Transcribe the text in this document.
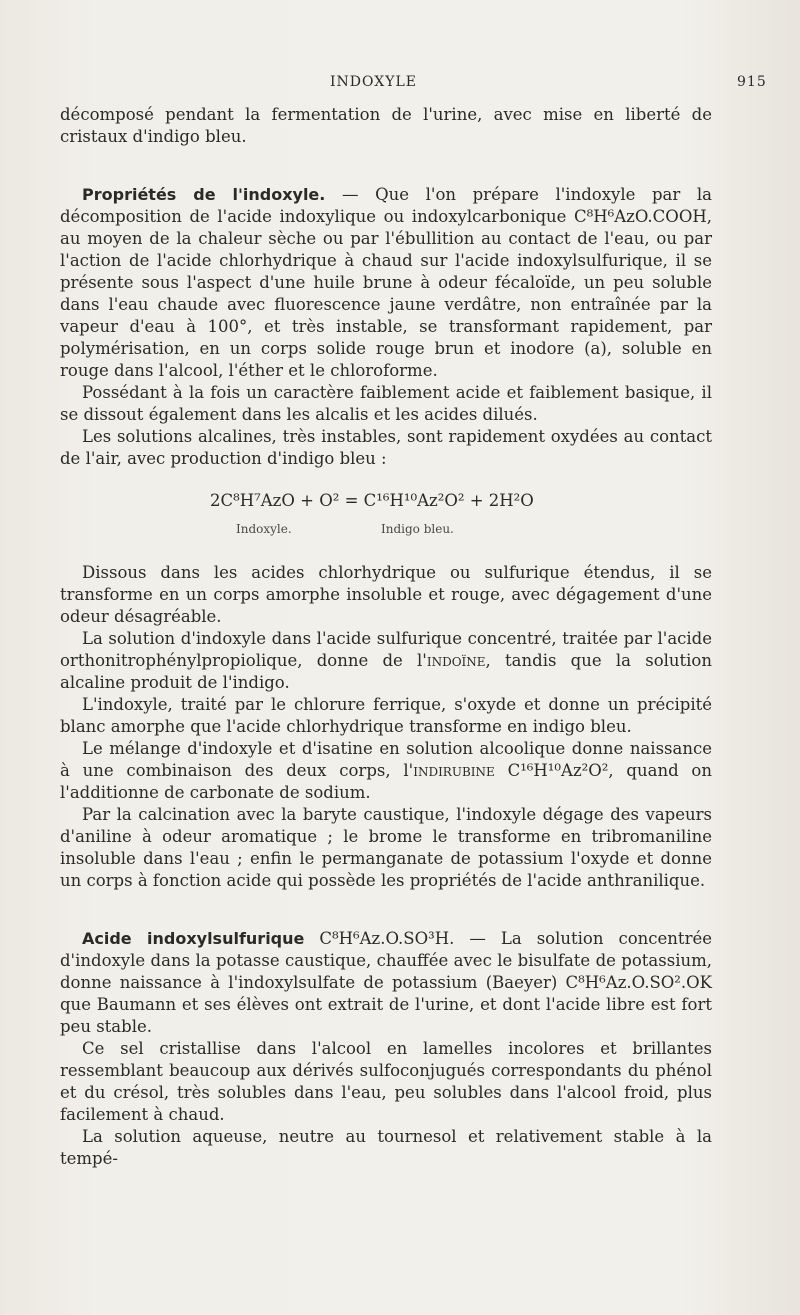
INDOXYLE	915

décomposé pendant la fermentation de l'urine, avec mise en liberté de cristaux d'indigo bleu.

Propriétés de l'indoxyle. — Que l'on prépare l'indoxyle par la décomposition de l'acide indoxylique ou indoxylcarbonique C⁸H⁶AzO.COOH, au moyen de la chaleur sèche ou par l'ébullition au contact de l'eau, ou par l'action de l'acide chlorhydrique à chaud sur l'acide indoxylsulfurique, il se présente sous l'aspect d'une huile brune à odeur fécaloïde, un peu soluble dans l'eau chaude avec fluorescence jaune verdâtre, non entraînée par la vapeur d'eau à 100°, et très instable, se transformant rapidement, par polymérisation, en un corps solide rouge brun et inodore (a), soluble en rouge dans l'alcool, l'éther et le chloroforme.

Possédant à la fois un caractère faiblement acide et faiblement basique, il se dissout également dans les alcalis et les acides dilués.

Les solutions alcalines, très instables, sont rapidement oxydées au contact de l'air, avec production d'indigo bleu :

2C⁸H⁷AzO + O² = C¹⁶H¹⁰Az²O² + 2H²O
Indoxyle.	Indigo bleu.

Dissous dans les acides chlorhydrique ou sulfurique étendus, il se transforme en un corps amorphe insoluble et rouge, avec dégagement d'une odeur désagréable.

La solution d'indoxyle dans l'acide sulfurique concentré, traitée par l'acide orthonitrophénylpropiolique, donne de l'indoïne, tandis que la solution alcaline produit de l'indigo.

L'indoxyle, traité par le chlorure ferrique, s'oxyde et donne un précipité blanc amorphe que l'acide chlorhydrique transforme en indigo bleu.

Le mélange d'indoxyle et d'isatine en solution alcoolique donne naissance à une combinaison des deux corps, l'indirubine C¹⁶H¹⁰Az²O², quand on l'additionne de carbonate de sodium.

Par la calcination avec la baryte caustique, l'indoxyle dégage des vapeurs d'aniline à odeur aromatique ; le brome le transforme en tribromaniline insoluble dans l'eau ; enfin le permanganate de potassium l'oxyde et donne un corps à fonction acide qui possède les propriétés de l'acide anthranilique.

Acide indoxylsulfurique C⁸H⁶Az.O.SO³H. — La solution concentrée d'indoxyle dans la potasse caustique, chauffée avec le bisulfate de potassium, donne naissance à l'indoxylsulfate de potassium (Baeyer) C⁸H⁶Az.O.SO².OK que Baumann et ses élèves ont extrait de l'urine, et dont l'acide libre est fort peu stable.

Ce sel cristallise dans l'alcool en lamelles incolores et brillantes ressemblant beaucoup aux dérivés sulfoconjugués correspondants du phénol et du crésol, très solubles dans l'eau, peu solubles dans l'alcool froid, plus facilement à chaud.

La solution aqueuse, neutre au tournesol et relativement stable à la tempé-
